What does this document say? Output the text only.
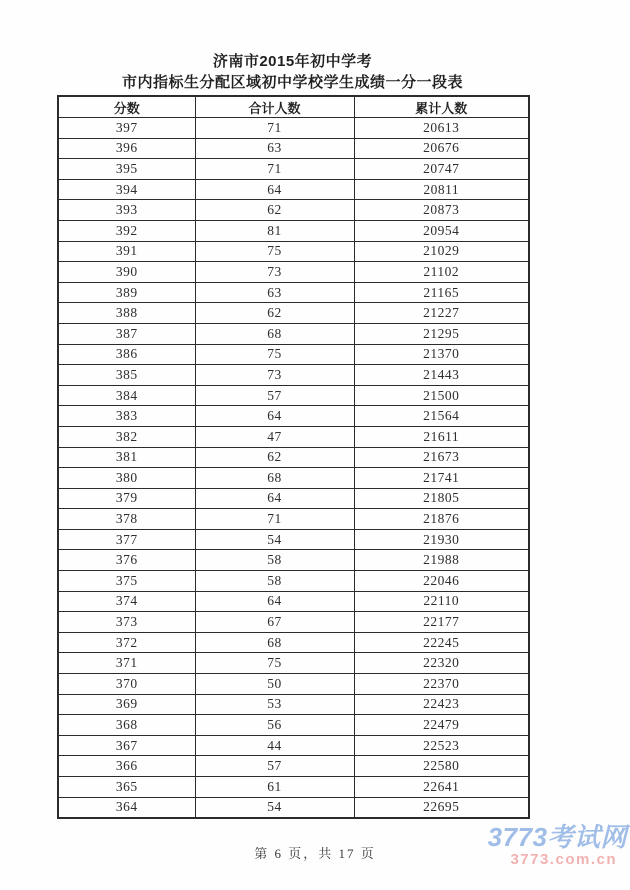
济南市2015年初中学考
市内指标生分配区域初中学校学生成绩一分一段表
分数	合计人数	累计人数
397	71	20613
396	63	20676
395	71	20747
394	64	20811
393	62	20873
392	81	20954
391	75	21029
390	73	21102
389	63	21165
388	62	21227
387	68	21295
386	75	21370
385	73	21443
384	57	21500
383	64	21564
382	47	21611
381	62	21673
380	68	21741
379	64	21805
378	71	21876
377	54	21930
376	58	21988
375	58	22046
374	64	22110
373	67	22177
372	68	22245
371	75	22320
370	50	22370
369	53	22423
368	56	22479
367	44	22523
366	57	22580
365	61	22641
364	54	22695
第 6 页，共 17 页
3773考试网
3773.com.cn
